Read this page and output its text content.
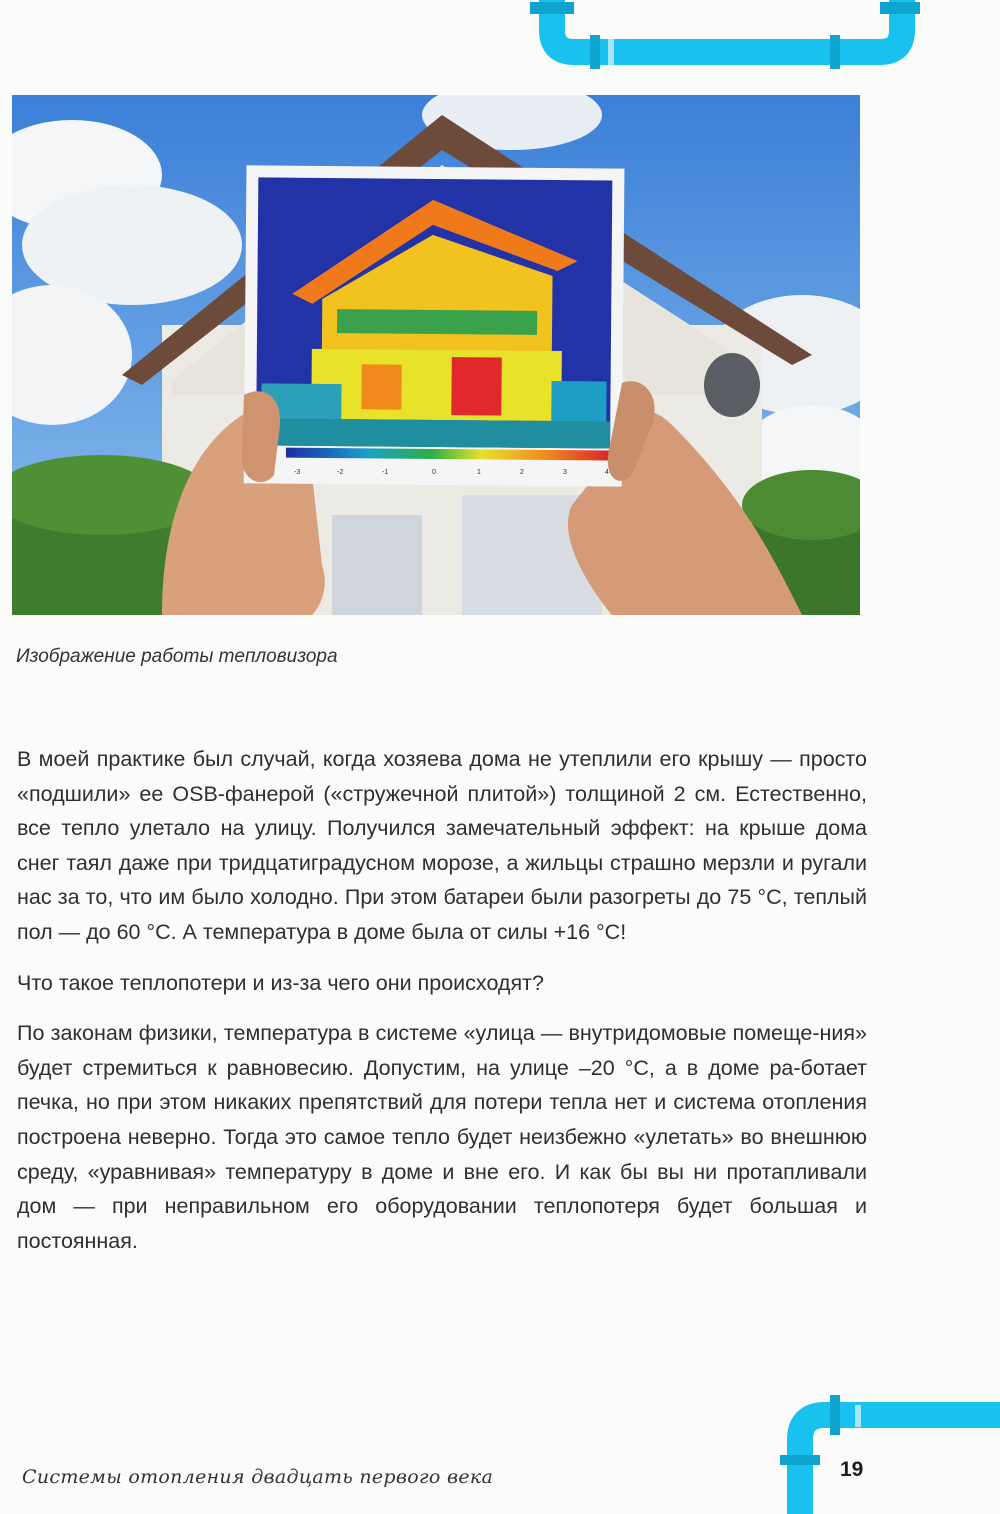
-3	-2	-1	0	1	2	3	4
Изображение работы тепловизора

В моей практике был случай, когда хозяева дома не утеплили его крышу — просто «подшили» ее OSB-фанерой («стружечной плитой») толщиной 2 см. Естественно, все тепло улетало на улицу. Получился замечательный эффект: на крыше дома снег таял даже при тридцатиградусном морозе, а жильцы страшно мерзли и ругали нас за то, что им было холодно. При этом батареи были разогреты до 75 °С, теплый пол — до 60 °С. А температура в доме была от силы +16 °С!

Что такое теплопотери и из-за чего они происходят?

По законам физики, температура в системе «улица — внутридомовые помеще-ния» будет стремиться к равновесию. Допустим, на улице –20 °С, а в доме ра-ботает печка, но при этом никаких препятствий для потери тепла нет и система отопления построена неверно. Тогда это самое тепло будет неизбежно «улетать» во внешнюю среду, «уравнивая» температуру в доме и вне его. И как бы вы ни протапливали дом — при неправильном его оборудовании теплопотеря будет большая и постоянная.

Системы отопления двадцать первого века	19
